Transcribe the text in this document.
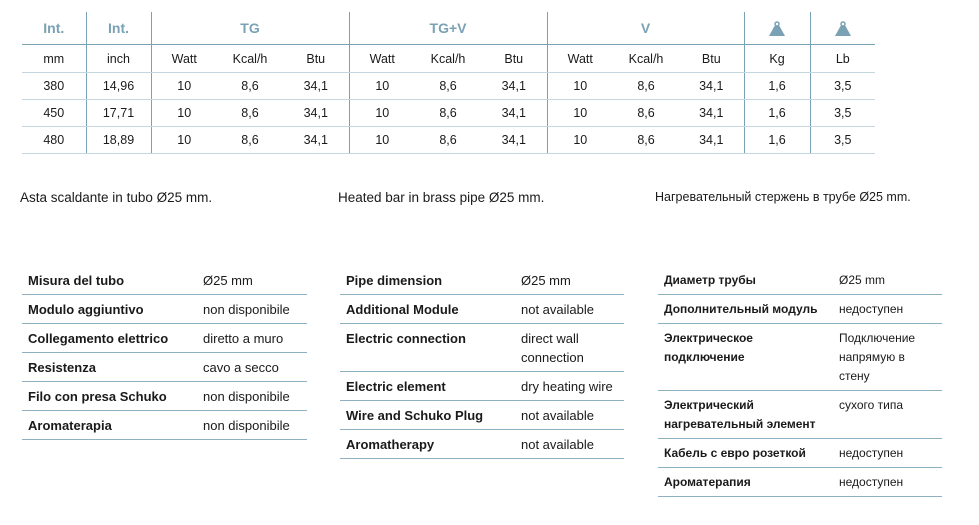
Int.	Int.	TG			TG+V			V		
mm	inch	Watt	Kcal/h	Btu	Watt	Kcal/h	Btu	Watt	Kcal/h	Btu	Kg	Lb
380	14,96	10	8,6	34,1	10	8,6	34,1	10	8,6	34,1	1,6	3,5
450	17,71	10	8,6	34,1	10	8,6	34,1	10	8,6	34,1	1,6	3,5
480	18,89	10	8,6	34,1	10	8,6	34,1	10	8,6	34,1	1,6	3,5
Asta scaldante in tubo Ø25 mm.	Heated bar in brass pipe Ø25 mm.	Нагревательный стержень в трубе Ø25 mm.
Misura del tubo	Ø25 mm
Modulo aggiuntivo	non disponibile
Collegamento elettrico	diretto a muro
Resistenza	cavo a secco
Filo con presa Schuko	non disponibile
Aromaterapia	non disponibile
Pipe dimension	Ø25 mm
Additional Module	not available
Electric connection	direct wall connection
Electric element	dry heating wire
Wire and Schuko Plug	not available
Aromatherapy	not available
Диаметр трубы	Ø25 mm
Дополнительный модуль	недоступен
Электрическое подключение	Подключение напрямую в стену
Электрический нагревательный элемент	сухого типа
Кабель с евро розеткой	недоступен
Ароматерапия	недоступен
